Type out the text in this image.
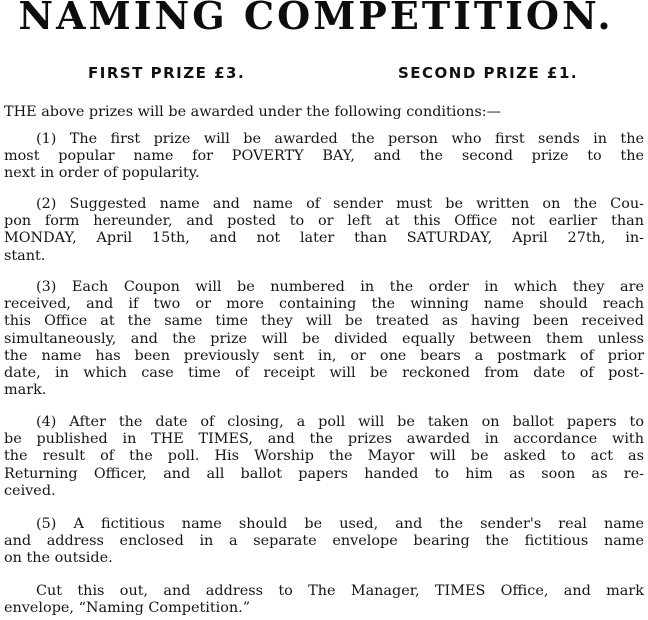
NAMING COMPETITION.
FIRST PRIZE £3.	SECOND PRIZE £1.
THE above prizes will be awarded under the following conditions:—
(1) The first prize will be awarded the person who first sends in the
most popular name for POVERTY BAY, and the second prize to the
next in order of popularity.
(2) Suggested name and name of sender must be written on the Cou-
pon form hereunder, and posted to or left at this Office not earlier than
MONDAY, April 15th, and not later than SATURDAY, April 27th, in-
stant.
(3) Each Coupon will be numbered in the order in which they are
received, and if two or more containing the winning name should reach
this Office at the same time they will be treated as having been received
simultaneously, and the prize will be divided equally between them unless
the name has been previously sent in, or one bears a postmark of prior
date, in which case time of receipt will be reckoned from date of post-
mark.
(4) After the date of closing, a poll will be taken on ballot papers to
be published in THE TIMES, and the prizes awarded in accordance with
the result of the poll. His Worship the Mayor will be asked to act as
Returning Officer, and all ballot papers handed to him as soon as re-
ceived.
(5) A fictitious name should be used, and the sender's real name
and address enclosed in a separate envelope bearing the fictitious name
on the outside.
Cut this out, and address to The Manager, TIMES Office, and mark
envelope, “Naming Competition.”
